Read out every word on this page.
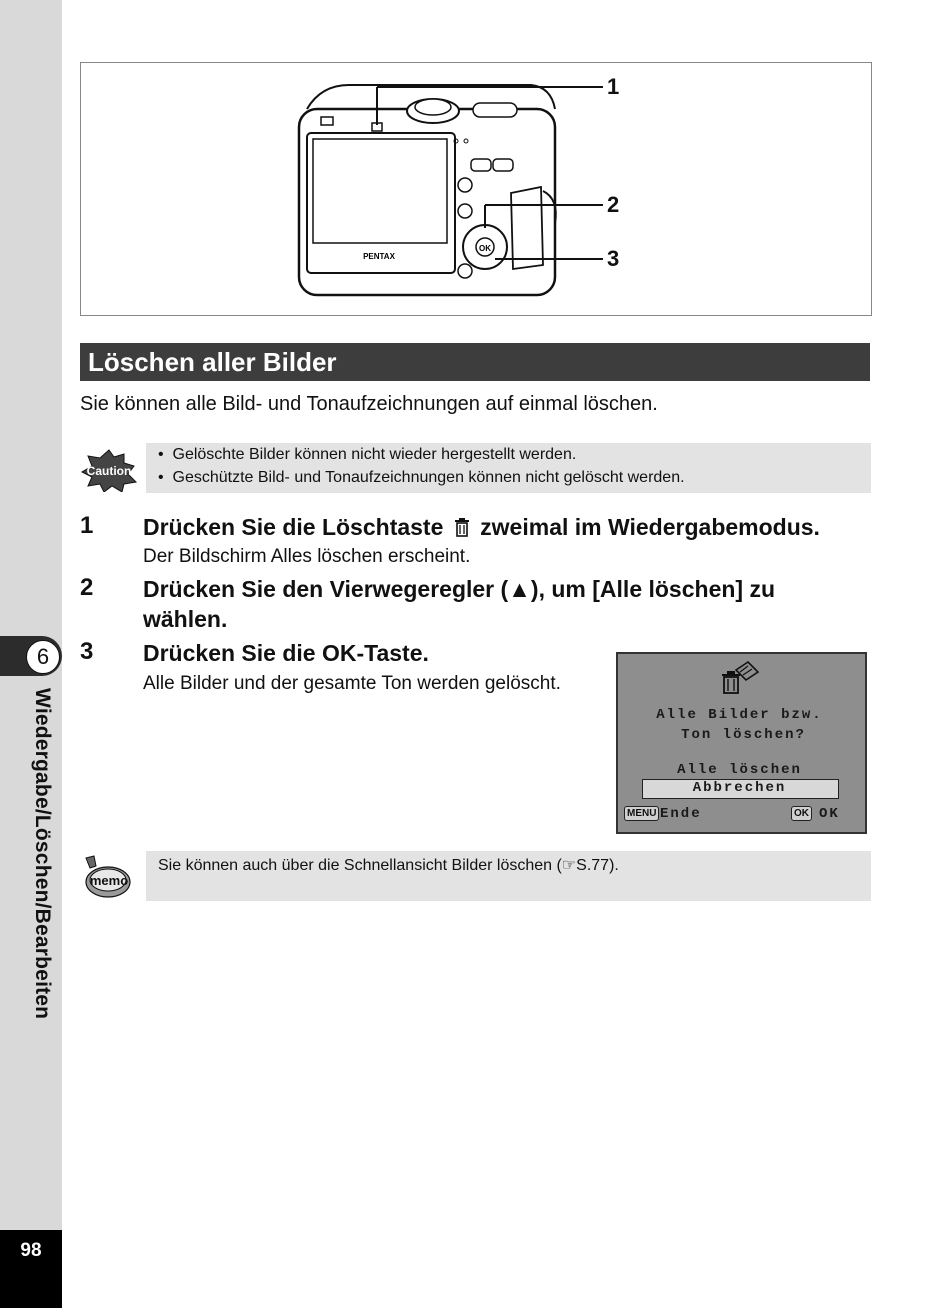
6
Wiedergabe/Löschen/Bearbeiten
98
PENTAX
OK
1
2
3
Löschen aller Bilder
Sie können alle Bild- und Tonaufzeichnungen auf einmal löschen.
Caution
•  Gelöschte Bilder können nicht wieder hergestellt werden.
•  Geschützte Bild- und Tonaufzeichnungen können nicht gelöscht werden.
1 Drücken Sie die Löschtaste zweimal im Wiedergabemodus.
Der Bildschirm Alles löschen erscheint.
2 Drücken Sie den Vierwegeregler (▲), um [Alle löschen] zu
wählen.
3 Drücken Sie die OK-Taste.
Alle Bilder und der gesamte Ton werden gelöscht.
Alle Bilder bzw.
Ton löschen?
Alle löschen
Abbrechen
MENU Ende	OK OK
memo
Sie können auch über die Schnellansicht Bilder löschen (☞S.77).
